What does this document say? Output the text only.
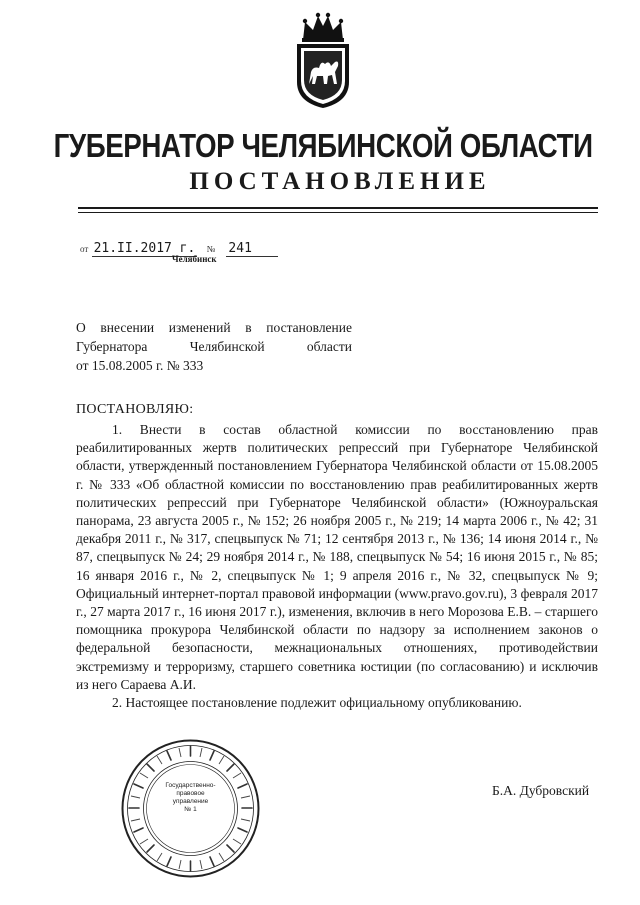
ГУБЕРНАТОР ЧЕЛЯБИНСКОЙ ОБЛАСТИ
ПОСТАНОВЛЕНИЕ
от 21.II.2017 г. № 241
Челябинск
О внесении изменений в постановление
Губернатора Челябинской области
от 15.08.2005 г. № 333
ПОСТАНОВЛЯЮ:

1. Внести в состав областной комиссии по восстановлению прав реабилитированных жертв политических репрессий при Губернаторе Челябинской области, утвержденный постановлением Губернатора Челябинской области от 15.08.2005 г. № 333 «Об областной комиссии по восстановлению прав реабилитированных жертв политических репрессий при Губернаторе Челябинской области» (Южноуральская панорама, 23 августа 2005 г., № 152; 26 ноября 2005 г., № 219; 14 марта 2006 г., № 42; 31 декабря 2011 г., № 317, спецвыпуск № 71; 12 сентября 2013 г., № 136; 14 июня 2014 г., № 87, спецвыпуск № 24; 29 ноября 2014 г., № 188, спецвыпуск № 54; 16 июня 2015 г., № 85; 16 января 2016 г., № 2, спецвыпуск № 1; 9 апреля 2016 г., № 32, спецвыпуск № 9; Официальный интернет-портал правовой информации (www.pravo.gov.ru), 3 февраля 2017 г., 27 марта 2017 г., 16 июня 2017 г.), изменения, включив в него Морозова Е.В. – старшего помощника прокурора Челябинской области по надзору за исполнением законов о федеральной безопасности, межнациональных отношениях, противодействии экстремизму и терроризму, старшего советника юстиции (по согласованию) и исключив из него Сараева А.И.

2. Настоящее постановление подлежит официальному опубликованию.

Государственно-
правовое
управление
№ 1
Б.А. Дубровский
